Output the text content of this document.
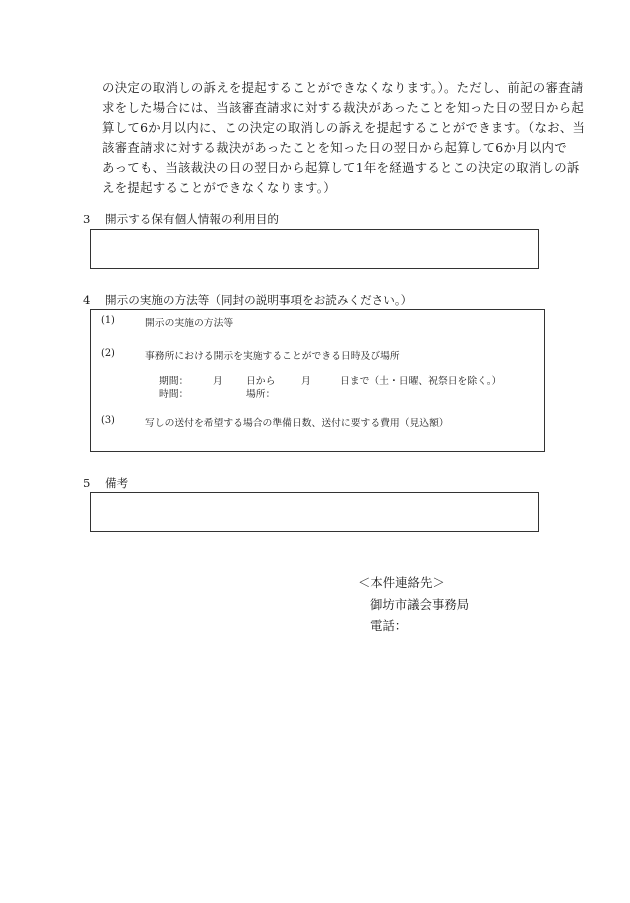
の決定の取消しの訴えを提起することができなくなります。）。ただし、前記の審査請
求をした場合には、当該審査請求に対する裁決があったことを知った日の翌日から起
算して6か月以内に、この決定の取消しの訴えを提起することができます。（なお、当
該審査請求に対する裁決があったことを知った日の翌日から起算して6か月以内で
あっても、当該裁決の日の翌日から起算して1年を経過するとこの決定の取消しの訴
えを提起することができなくなります。）
3 開示する保有個人情報の利用目的
4 開示の実施の方法等（同封の説明事項をお読みください。）
(1)	開示の実施の方法等
(2)	事務所における開示を実施することができる日時及び場所
期間：	月 日から	月	日まで（土・日曜、祝祭日を除く。）
時間：	場所：
(3)	写しの送付を希望する場合の準備日数、送付に要する費用（見込額）
5 備考
＜本件連絡先＞
御坊市議会事務局
電話：
